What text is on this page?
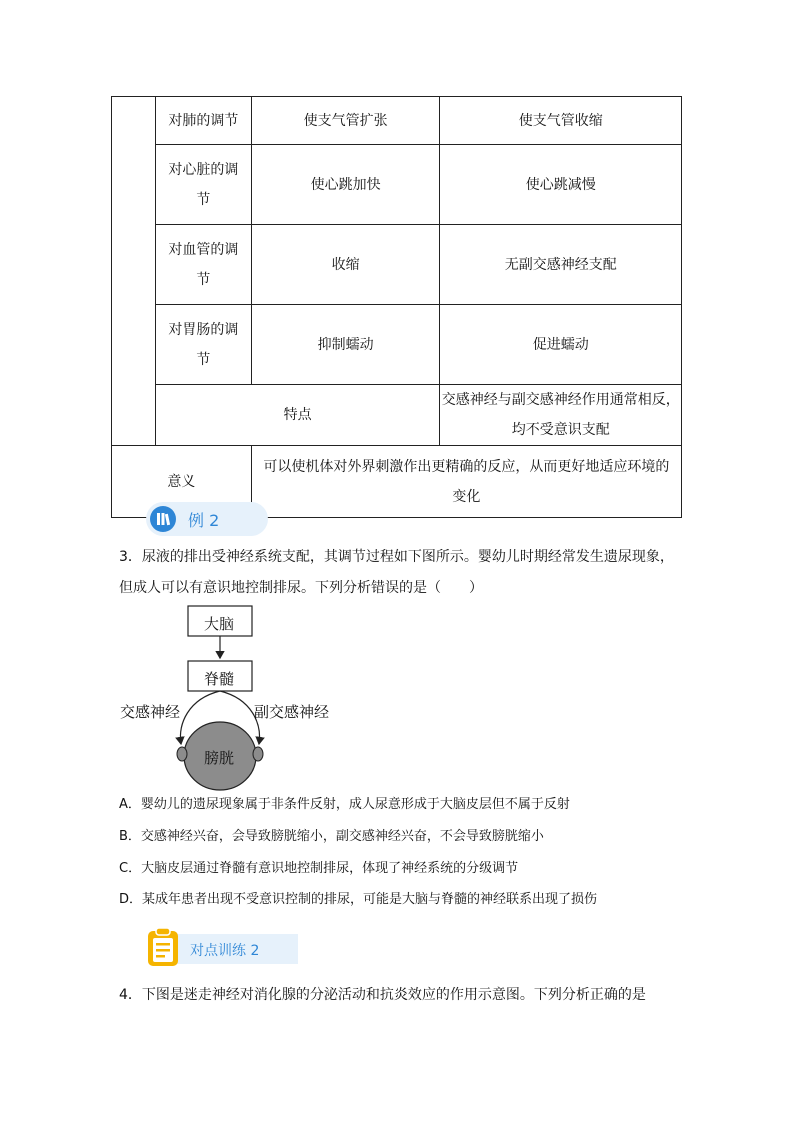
	对肺的调节	使支气管扩张	使支气管收缩
	对心脏的调节	使心跳加快	使心跳减慢
	对血管的调节	收缩	无副交感神经支配
	对胃肠的调节	抑制蠕动	促进蠕动
	特点		交感神经与副交感神经作用通常相反，均不受意识支配
意义		可以使机体对外界刺激作出更精确的反应，从而更好地适应环境的变化	
例 2
3．尿液的排出受神经系统支配，其调节过程如下图所示。婴幼儿时期经常发生遗尿现象，
但成人可以有意识地控制排尿。下列分析错误的是（　　）
大脑
脊髓
交感神经	副交感神经
膀胱
A．婴幼儿的遗尿现象属于非条件反射，成人尿意形成于大脑皮层但不属于反射
B．交感神经兴奋，会导致膀胱缩小，副交感神经兴奋，不会导致膀胱缩小
C．大脑皮层通过脊髓有意识地控制排尿，体现了神经系统的分级调节
D．某成年患者出现不受意识控制的排尿，可能是大脑与脊髓的神经联系出现了损伤
对点训练 2
4．下图是迷走神经对消化腺的分泌活动和抗炎效应的作用示意图。下列分析正确的是
